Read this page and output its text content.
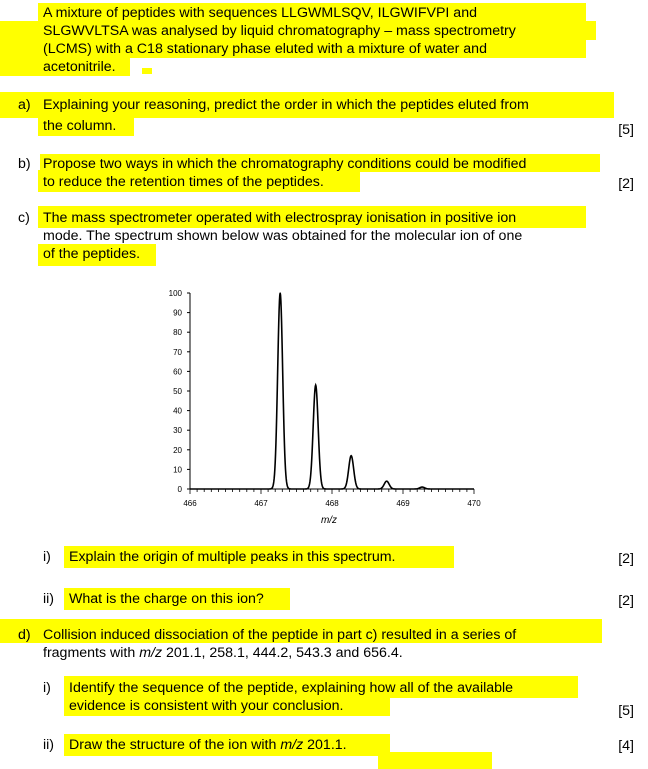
A mixture of peptides with sequences LLGWMLSQV, ILGWIFVPI and
SLGWVLTSA was analysed by liquid chromatography – mass spectrometry
(LCMS) with a C18 stationary phase eluted with a mixture of water and
acetonitrile.
a) Explaining your reasoning, predict the order in which the peptides eluted from
the column.	[5]
b) Propose two ways in which the chromatography conditions could be modified
to reduce the retention times of the peptides.	[2]
c) The mass spectrometer operated with electrospray ionisation in positive ion
mode. The spectrum shown below was obtained for the molecular ion of one
of the peptides.
0
10
20
30
40
50
60
70
80
90
100
466	467	468	469	470
m/z
i) Explain the origin of multiple peaks in this spectrum.	[2]
ii) What is the charge on this ion?	[2]
d) Collision induced dissociation of the peptide in part c) resulted in a series of
fragments with m/z 201.1, 258.1, 444.2, 543.3 and 656.4.
i) Identify the sequence of the peptide, explaining how all of the available
evidence is consistent with your conclusion.	[5]
ii) Draw the structure of the ion with m/z 201.1.	[4]
